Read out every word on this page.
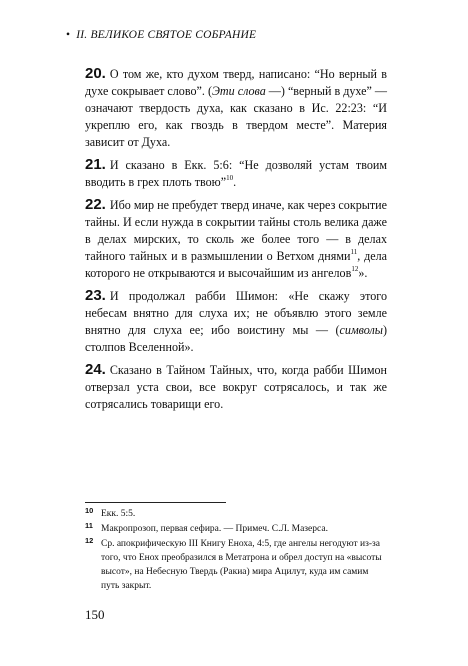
• II. ВЕЛИКОЕ СВЯТОЕ СОБРАНИЕ

20. О том же, кто духом тверд, написано: “Но верный в духе сокрывает слово”. (Эти слова —) “верный в духе” — означают твердость духа, как сказано в Ис. 22:23: “И укреплю его, как гвоздь в твердом месте”. Материя зависит от Духа.

21. И сказано в Екк. 5:6: “Не дозволяй устам твоим вводить в грех плоть твою”$^{10}$.

22. Ибо мир не пребудет тверд иначе, как через сокрытие тайны. И если нужда в сокрытии тайны столь велика даже в делах мирских, то сколь же более того — в делах тайного тайных и в размышлении о Ветхом днями$^{11}$, дела которого не открываются и высочайшим из ангелов$^{12}$».

23. И продолжал рабби Шимон: «Не скажу этого небесам внятно для слуха их; не объявлю этого земле внятно для слуха ее; ибо воистину мы — (символы) столпов Вселенной».

24. Сказано в Тайном Тайных, что, когда рабби Шимон отверзал уста свои, все вокруг сотрясалось, и так же сотрясались товарищи его.

10 Екк. 5:5.
11 Макропрозоп, первая сефира. — Примеч. С.Л. Мазерса.
12 Ср. апокрифическую III Книгу Еноха, 4:5, где ангелы негодуют из-за того, что Енох преобразился в Метатрона и обрел доступ на «высоты высот», на Небесную Твердь (Ракиа) мира Ацилут, куда им самим путь закрыт.
150
